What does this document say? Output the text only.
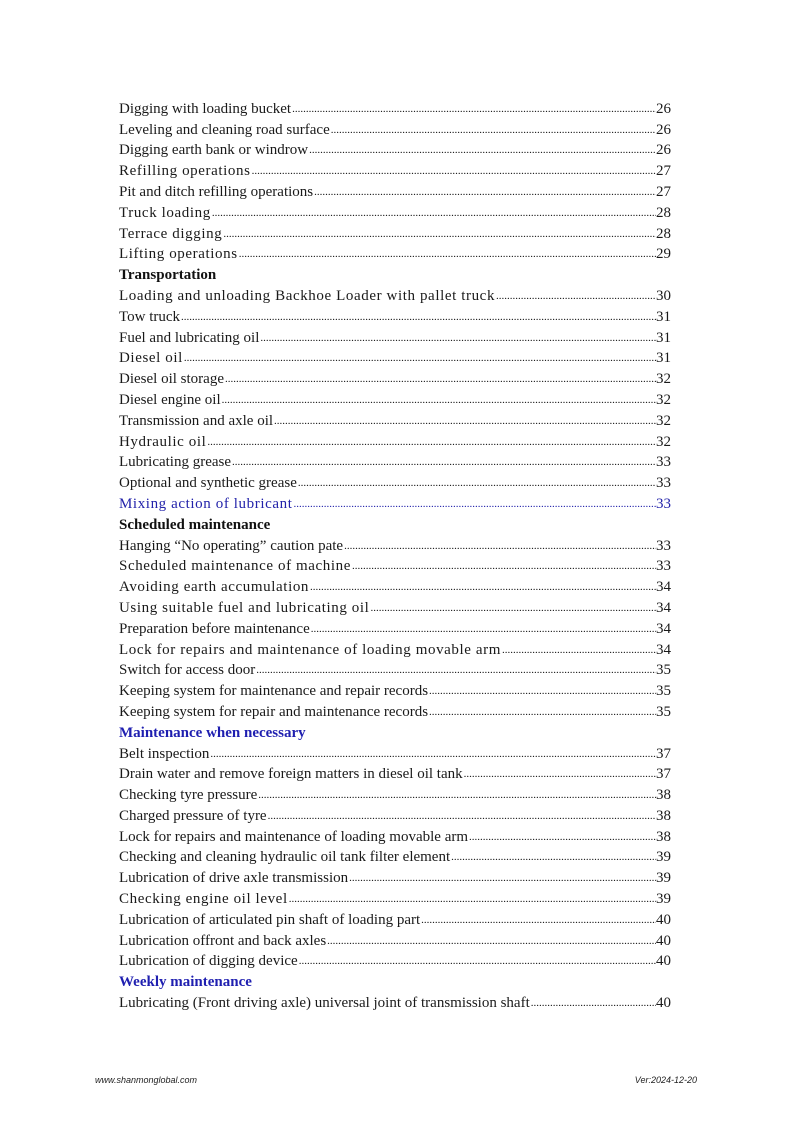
Digging with loading bucket .....	26
Leveling and cleaning road surface .....	26
Digging earth bank or windrow .....	26
Refilling operations .....	27
Pit and ditch refilling operations .....	27
Truck loading .....	28
Terrace digging .....	28
Lifting operations .....	29
Transportation
Loading and unloading Backhoe Loader with pallet truck .....	30
Tow truck .....	31
Fuel and lubricating oil .....	31
Diesel oil .....	31
Diesel oil storage .....	32
Diesel engine oil .....	32
Transmission and axle oil .....	32
Hydraulic oil .....	32
Lubricating grease .....	33
Optional and synthetic grease .....	33
Mixing action of lubricant .....	33
Scheduled maintenance
Hanging “No operating” caution pate .....	33
Scheduled maintenance of machine .....	33
Avoiding earth accumulation .....	34
Using suitable fuel and lubricating oil .....	34
Preparation before maintenance .....	34
Lock for repairs and maintenance of loading movable arm .....	34
Switch for access door .....	35
Keeping system for maintenance and repair records .....	35
Keeping system for repair and maintenance records .....	35
Maintenance when necessary
Belt inspection .....	37
Drain water and remove foreign matters in diesel oil tank .....	37
Checking tyre pressure .....	38
Charged pressure of tyre .....	38
Lock for repairs and maintenance of loading movable arm .....	38
Checking and cleaning hydraulic oil tank filter element .....	39
Lubrication of drive axle transmission .....	39
Checking engine oil level .....	39
Lubrication of articulated pin shaft of loading part .....	40
Lubrication offront and back axles .....	40
Lubrication of digging device .....	40
Weekly maintenance
Lubricating (Front driving axle) universal joint of transmission shaft .....	40
www.shanmonglobal.com	Ver:2024-12-20
